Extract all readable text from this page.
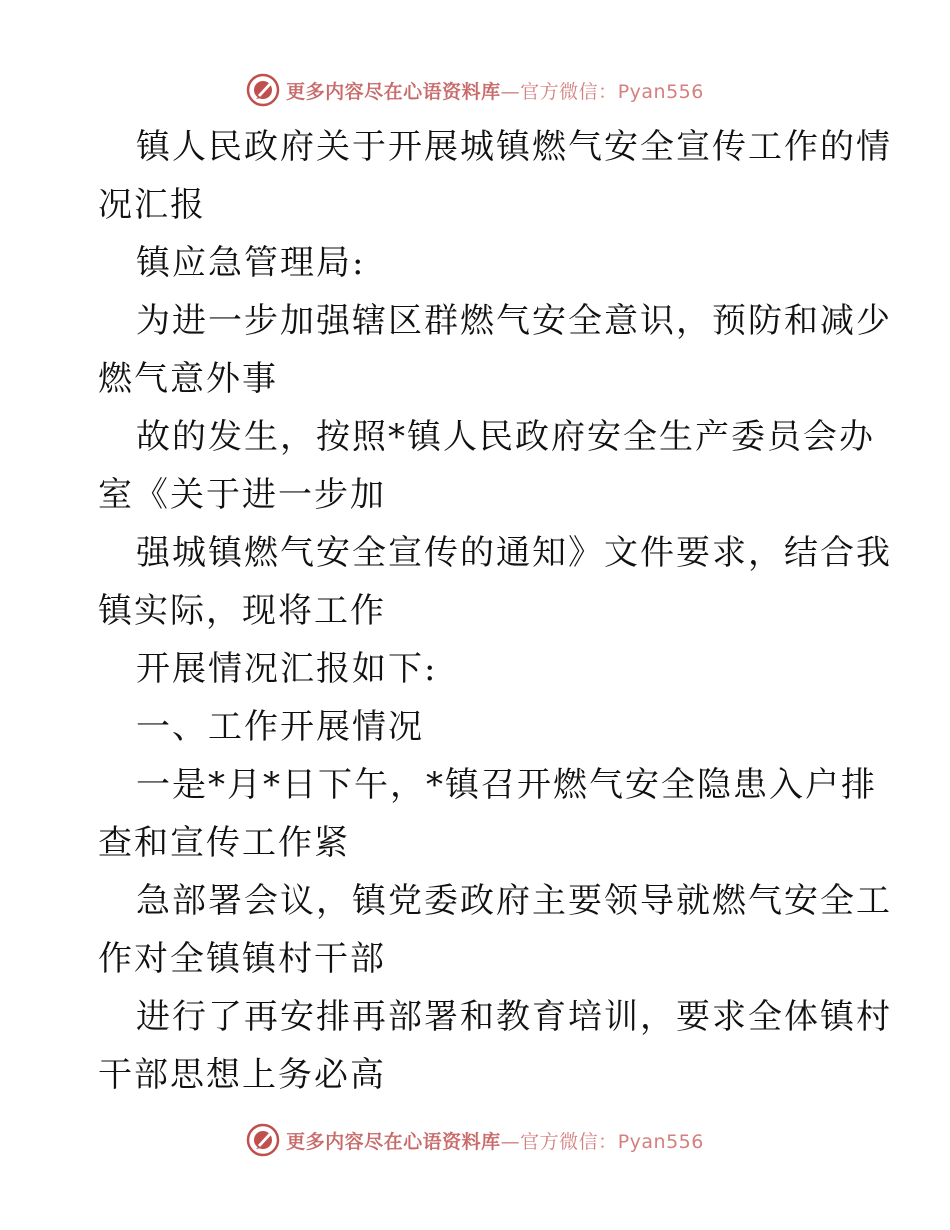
更多内容尽在心语资料库—官方微信：Pyan556
镇人民政府关于开展城镇燃气安全宣传工作的情
况汇报
镇应急管理局:
为进一步加强辖区群燃气安全意识，预防和减少
燃气意外事
故的发生，按照*镇人民政府安全生产委员会办
室《关于进一步加
强城镇燃气安全宣传的通知》文件要求，结合我
镇实际，现将工作
开展情况汇报如下:
一、工作开展情况
一是*月*日下午，*镇召开燃气安全隐患入户排
查和宣传工作紧
急部署会议，镇党委政府主要领导就燃气安全工
作对全镇镇村干部
进行了再安排再部署和教育培训，要求全体镇村
干部思想上务必高
更多内容尽在心语资料库—官方微信：Pyan556
